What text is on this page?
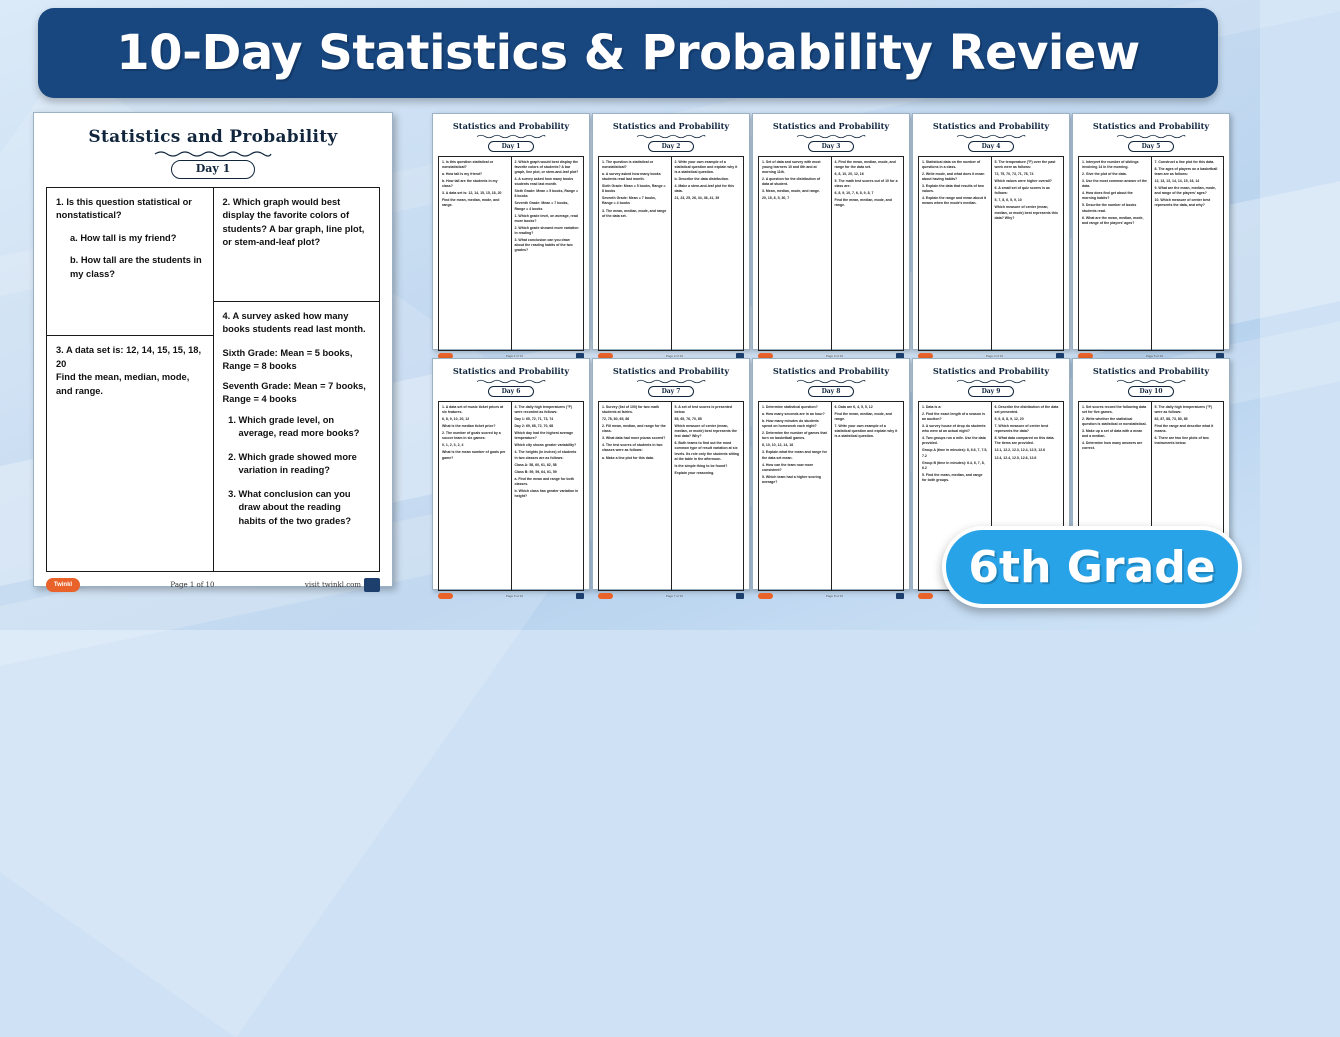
10-Day Statistics & Probability Review
Statistics and Probability
Day 1
1. Is this question statistical or nonstatistical?
a. How tall is my friend?
b. How tall are the students in my class?
3. A data set is: 12, 14, 15, 15, 18, 20
Find the mean, median, mode, and range.
2. Which graph would best display the favorite colors of students? A bar graph, line plot, or stem-and-leaf plot?
4. A survey asked how many books students read last month.
Sixth Grade: Mean = 5 books, Range = 8 books
Seventh Grade: Mean = 7 books, Range = 4 books
1. Which grade level, on average, read more books?
2. Which grade showed more variation in reading?
3. What conclusion can you draw about the reading habits of the two grades?
Twinkl	Page 1 of 10	visit twinkl.com
Statistics and Probability
Day 1
1. Is this question statistical or nonstatistical?
a. How tall is my friend?
b. How tall are the students in my class?
3. A data set is: 12, 14, 15, 15, 18, 20
Find the mean, median, mode, and range.
2. Which graph would best display the favorite colors of students? A bar graph, line plot, or stem-and-leaf plot?
4. A survey asked how many books students read last month.
Sixth Grade: Mean = 5 books, Range = 8 books
Seventh Grade: Mean = 7 books, Range = 4 books
1. Which grade level, on average, read more books?
2. Which grade showed more variation in reading?
3. What conclusion can you draw about the reading habits of the two grades?
Page 1 of 10
Statistics and Probability
Day 2
1. The question is statistical or nonstatistical?
a. A survey asked how many books students read last month.
Sixth Grade: Mean = 5 books, Range = 8 books
Seventh Grade: Mean = 7 books, Range = 4 books
3. The mean, median, mode, and range of the data set.
2. Write your own example of a statistical question and explain why it is a statistical question.
b. Describe the data distribution.
4. Make a stem-and-leaf plot for this data.
21, 23, 25, 26, 34, 36, 41, 39
Page 2 of 10
Statistics and Probability
Day 3
1. Set of data and survey with most young learners 10 and 6th and at morning 11th.
2. A question for the distribution of data at student.
3. Mean, median, mode, and range.
20, 15, 8, 5, 30, 7
4. Find the mean, median, mode, and range for the data set.
6, 8, 10, 20, 12, 16
5. The math test scores out of 10 for a class are:
6, 8, 9, 10, 7, 6, 8, 9, 8, 7
Find the mean, median, mode, and range.
Page 3 of 10
Statistics and Probability
Day 4
1. Statistical data on the number of questions in a class.
2. Write mode, and what does it mean about having habits?
3. Explain the data that results of two values.
4. Explain the range and mean about it means when the mode's median.
5. The temperature (°F) over the past week were as follows:
72, 75, 70, 73, 71, 78, 74
Which values were higher overall?
6. A small set of quiz scores is as follows:
5, 7, 8, 6, 5, 9, 10
Which measure of center (mean, median, or mode) best represents this data? Why?
Page 4 of 10
Statistics and Probability
Day 5
1. Interpret the number of siblings involving 14 in the morning.
2. Give the plot of the data.
3. Use the most common answer of the data.
4. How does find get about the morning habits?
5. Describe the number of books students read.
6. What are the mean, median, mode, and range of the players' ages?
7. Construct a line plot for this data.
8. The ages of players on a basketball team are as follows:
12, 13, 13, 14, 14, 15, 16, 14
9. What are the mean, median, mode, and range of the players' ages?
10. Which measure of center best represents the data, and why?
Page 5 of 10
Statistics and Probability
Day 6
1. A data set of music ticket prices at six features.
6, 8, 9, 10, 20, 12
What is the median ticket price?
2. The number of goals scored by a soccer team in six games:
0, 1, 2, 3, 2, 4
What is the mean number of goals per game?
3. The daily high temperatures (°F) were recorded as follows:
Day 1: 65, 72, 71, 73, 74
Day 2: 69, 68, 72, 70, 68
Which day had the highest average temperature?
Which city shows greater variability?
4. The heights (in inches) of students in two classes are as follows:
Class A: 58, 60, 61, 62, 58
Class B: 59, 59, 64, 61, 59
a. Find the mean and range for both classes.
b. Which class has greater variation in height?
Page 6 of 10
Statistics and Probability
Day 7
1. Survey (list of 100) for two math students at fairies.
72, 78, 80, 65, 86
2. Fill mean, median, and range for the class.
3. What data had more pizzas scored?
4. The test scores of students in two classes were as follows:
a. Make a line plot for this data.
5. A set of test scores is presented below.
85, 65, 76, 70, 85
Which measure of center (mean, median, or mode) best represents the test data? Why?
6. Both teams to find out the most common type of result variation at six levels. Its role only the students sitting at the table in the afternoon.
Is the simple thing to be found?
Explain your reasoning.
Page 7 of 10
Statistics and Probability
Day 8
1. Determine statistical question?
a. How many seconds are in an hour?
b. How many minutes do students spend on homework each night?
2. Determine the number of games that turn on basketball games.
8, 10, 10, 12, 14, 16
3. Explain what the mean and range for the data set mean.
4. How can the team now more consistent?
5. Which team had a higher scoring average?
6. Data are 6, 4, 5, 5, 12
Find the mean, median, mode, and range.
7. Write your own example of a statistical question and explain why it is a statistical question.
Page 8 of 10
Statistics and Probability
Day 9
1. Data is a:
2. Find the exact length of a season is an auction?
3. A survey house of drop do students who were at an actual night?
4. Two groups run a mile. Use the data provided.
Group A (time in minutes): 8, 6.6, 7, 7.5, 7.2
Group B (time in minutes): 6.4, 6, 7, 8, 6.2
5. Find the mean, median, and range for both groups.
6. Describe the distribution of the data set presented.
5, 6, 8, 8, 9, 12, 20
7. Which measure of center best represents the data?
8. What data compared on this data. The items are provided.
12.1, 12.2, 12.3, 12.4, 12.5, 12.6
12.4, 12.4, 12.5, 12.6, 12.6
Statistics and Probability
Day 10
1. Set scores record the following data set for five games.
2. Write whether the statistical question is statistical or nonstatistical.
3. Make up a set of data with a mean and a median.
4. Determine how many answers are correct.
5. The daily high temperatures (°F) were as follows:
82, 87, 88, 73, 80, 85
Find the range and describe what it means.
6. There are two line plots of two instruments below.
6th Grade
